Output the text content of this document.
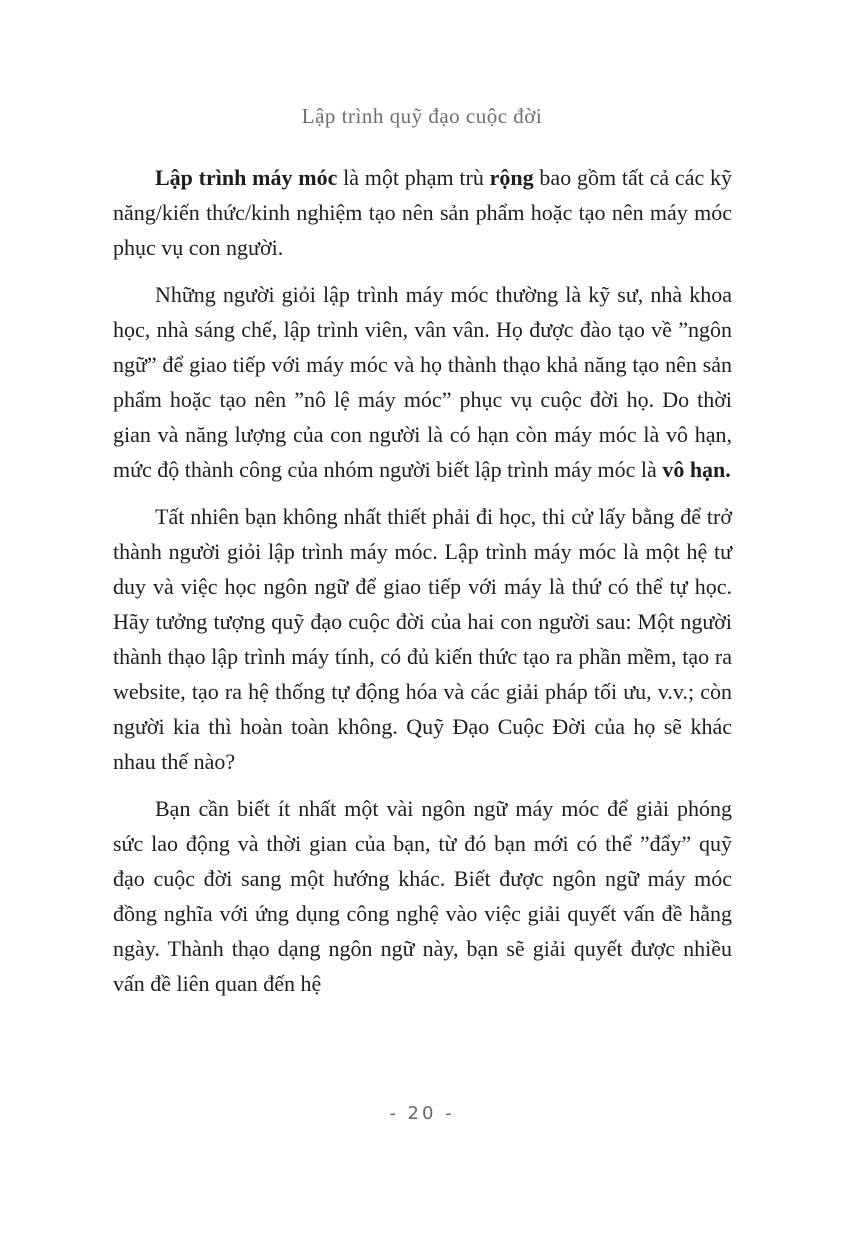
Lập trình quỹ đạo cuộc đời

Lập trình máy móc là một phạm trù rộng bao gồm tất cả các kỹ năng/kiến thức/kinh nghiệm tạo nên sản phẩm hoặc tạo nên máy móc phục vụ con người.

Những người giỏi lập trình máy móc thường là kỹ sư, nhà khoa học, nhà sáng chế, lập trình viên, vân vân. Họ được đào tạo về ”ngôn ngữ” để giao tiếp với máy móc và họ thành thạo khả năng tạo nên sản phẩm hoặc tạo nên ”nô lệ máy móc” phục vụ cuộc đời họ. Do thời gian và năng lượng của con người là có hạn còn máy móc là vô hạn, mức độ thành công của nhóm người biết lập trình máy móc là vô hạn.

Tất nhiên bạn không nhất thiết phải đi học, thi cử lấy bằng để trở thành người giỏi lập trình máy móc. Lập trình máy móc là một hệ tư duy và việc học ngôn ngữ để giao tiếp với máy là thứ có thể tự học. Hãy tưởng tượng quỹ đạo cuộc đời của hai con người sau: Một người thành thạo lập trình máy tính, có đủ kiến thức tạo ra phần mềm, tạo ra website, tạo ra hệ thống tự động hóa và các giải pháp tối ưu, v.v.; còn người kia thì hoàn toàn không. Quỹ Đạo Cuộc Đời của họ sẽ khác nhau thế nào?

Bạn cần biết ít nhất một vài ngôn ngữ máy móc để giải phóng sức lao động và thời gian của bạn, từ đó bạn mới có thể ”đẩy” quỹ đạo cuộc đời sang một hướng khác. Biết được ngôn ngữ máy móc đồng nghĩa với ứng dụng công nghệ vào việc giải quyết vấn đề hằng ngày. Thành thạo dạng ngôn ngữ này, bạn sẽ giải quyết được nhiều vấn đề liên quan đến hệ

- 20 -
